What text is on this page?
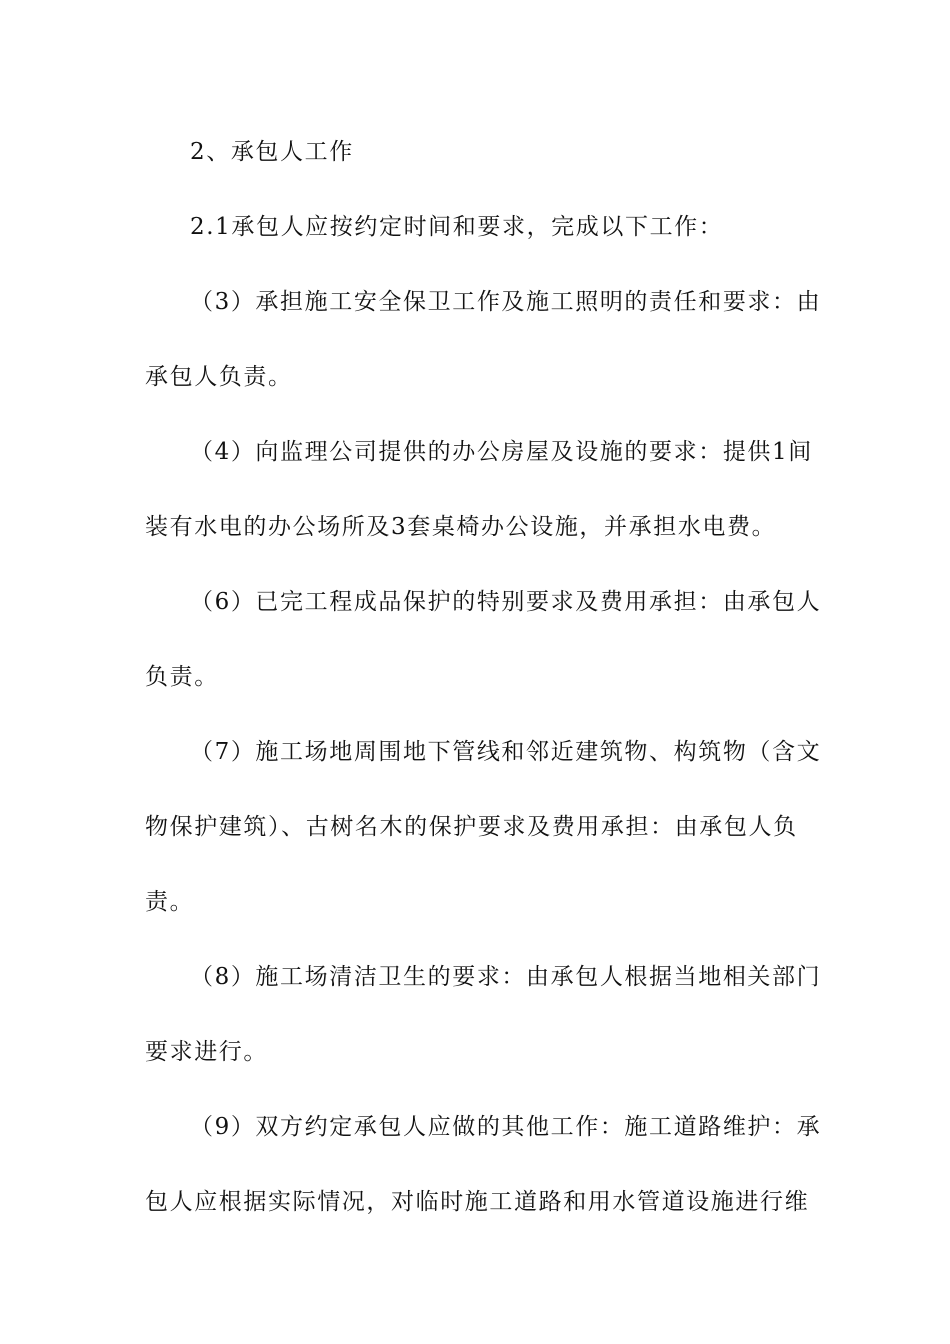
2、承包人工作
2.1承包人应按约定时间和要求，完成以下工作：
（3）承担施工安全保卫工作及施工照明的责任和要求：由
承包人负责。
（4）向监理公司提供的办公房屋及设施的要求：提供1间
装有水电的办公场所及3套桌椅办公设施，并承担水电费。
（6）已完工程成品保护的特别要求及费用承担：由承包人
负责。
（7）施工场地周围地下管线和邻近建筑物、构筑物（含文
物保护建筑）、古树名木的保护要求及费用承担：由承包人负
责。
（8）施工场清洁卫生的要求：由承包人根据当地相关部门
要求进行。
（9）双方约定承包人应做的其他工作：施工道路维护：承
包人应根据实际情况，对临时施工道路和用水管道设施进行维
